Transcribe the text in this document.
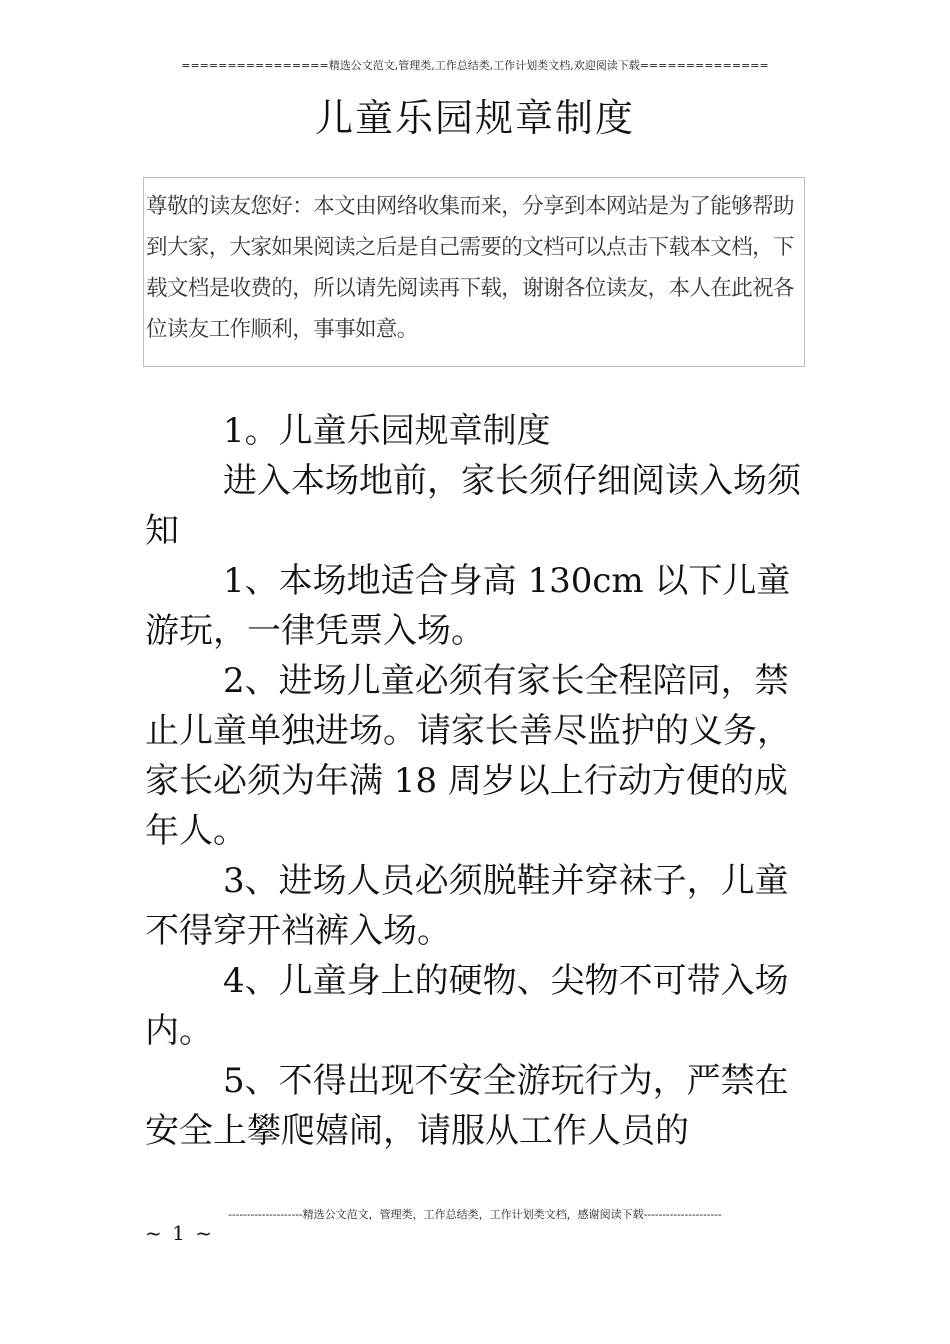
================精选公文范文,管理类,工作总结类,工作计划类文档,欢迎阅读下载==============
儿童乐园规章制度

尊敬的读友您好：本文由网络收集而来，分享到本网站是为了能够帮助到大家，大家如果阅读之后是自己需要的文档可以点击下载本文档，下载文档是收费的，所以请先阅读再下载，谢谢各位读友，本人在此祝各位读友工作顺利，事事如意。

1。儿童乐园规章制度

进入本场地前，家长须仔细阅读入场须知

1、本场地适合身高 130cm 以下儿童游玩，一律凭票入场。

2、进场儿童必须有家长全程陪同，禁止儿童单独进场。请家长善尽监护的义务，家长必须为年满 18 周岁以上行动方便的成年人。

3、进场人员必须脱鞋并穿袜子，儿童不得穿开裆裤入场。

4、儿童身上的硬物、尖物不可带入场内。

5、不得出现不安全游玩行为，严禁在安全上攀爬嬉闹，请服从工作人员的

--------------------精选公文范文，管理类，工作总结类，工作计划类文档，感谢阅读下载---------------------
~ 1 ~
